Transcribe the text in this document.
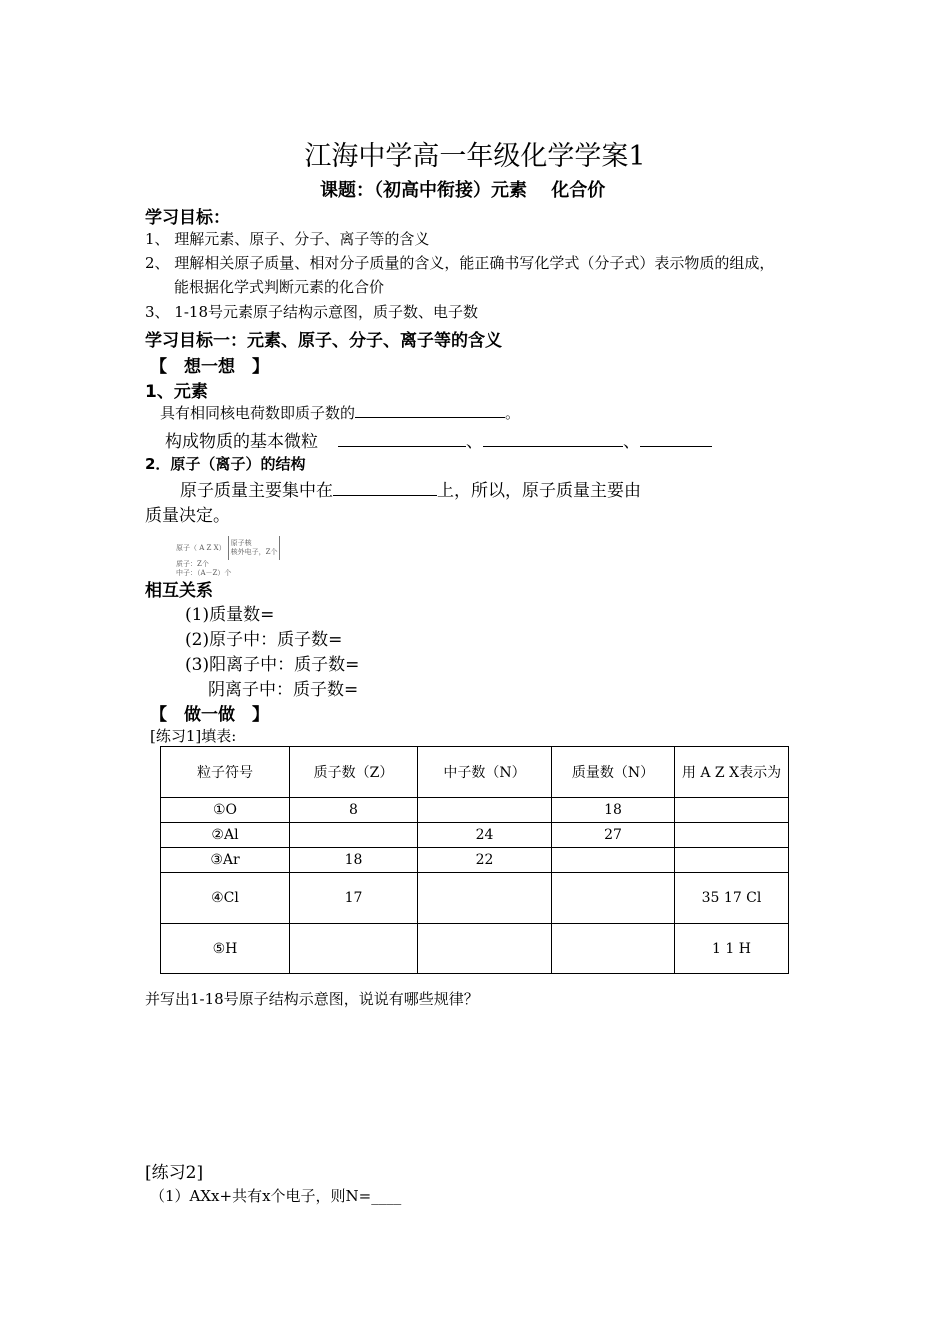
江海中学高一年级化学学案1
课题：（初高中衔接）元素　 化合价
学习目标：
1、 理解元素、原子、分子、离子等的含义
2、 理解相关原子质量、相对分子质量的含义，能正确书写化学式（分子式）表示物质的组成，
能根据化学式判断元素的化合价
3、 1-18号元素原子结构示意图，质子数、电子数
学习目标一：元素、原子、分子、离子等的含义
【　想一想　】
1、元素
具有相同核电荷数即质子数的	。
构成物质的基本微粒	、	、
2．原子（离子）的结构
原子质量主要集中在	上，所以，原子质量主要由
质量决定。
原子（ A Z X）
原子核
核外电子，Z个
质子：Z个
中子：（A－Z）个
相互关系
(1)质量数=
(2)原子中：质子数=
(3)阳离子中：质子数=
阴离子中：质子数=
【　做一做　】
[练习1]填表:
粒子符号	质子数（Z）	中子数（N）	质量数（N）	用 A Z X表示为
①O	8		18	
②Al		24	27	
③Ar	18	22		
④Cl	17			35 17 Cl
⑤H				1 1 H
并写出1-18号原子结构示意图，说说有哪些规律？
[练习2]
（1）AXx+共有x个电子，则N=____
